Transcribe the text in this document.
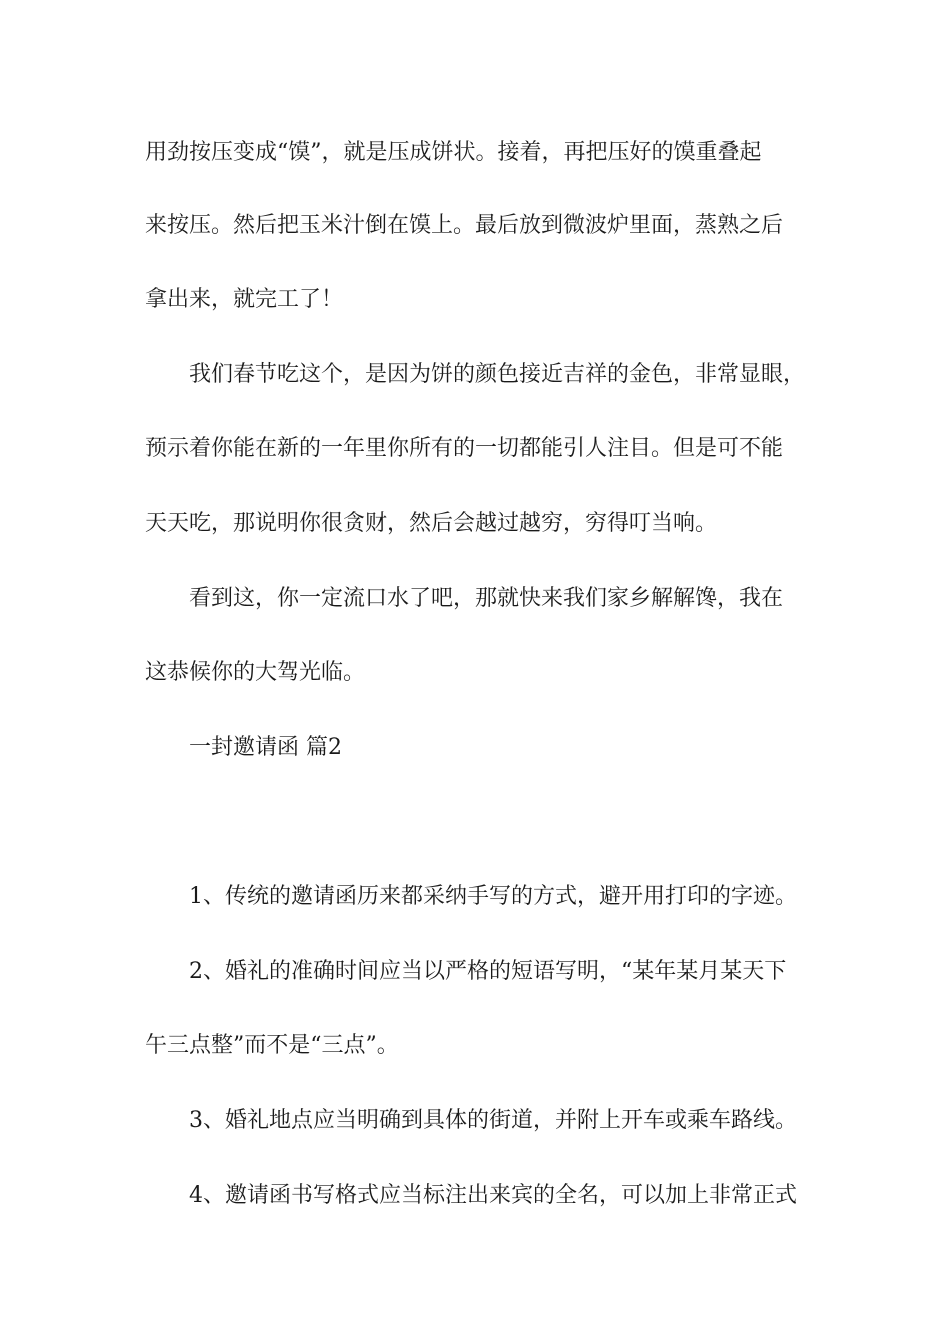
用劲按压变成“馍”，就是压成饼状。接着，再把压好的馍重叠起
来按压。然后把玉米汁倒在馍上。最后放到微波炉里面，蒸熟之后
拿出来，就完工了！
我们春节吃这个，是因为饼的颜色接近吉祥的金色，非常显眼，
预示着你能在新的一年里你所有的一切都能引人注目。但是可不能
天天吃，那说明你很贪财，然后会越过越穷，穷得叮当响。
看到这，你一定流口水了吧，那就快来我们家乡解解馋，我在
这恭候你的大驾光临。
一封邀请函 篇2
1、传统的邀请函历来都采纳手写的方式，避开用打印的字迹。
2、婚礼的准确时间应当以严格的短语写明，“某年某月某天下
午三点整”而不是“三点”。
3、婚礼地点应当明确到具体的街道，并附上开车或乘车路线。
4、邀请函书写格式应当标注出来宾的全名，可以加上非常正式
